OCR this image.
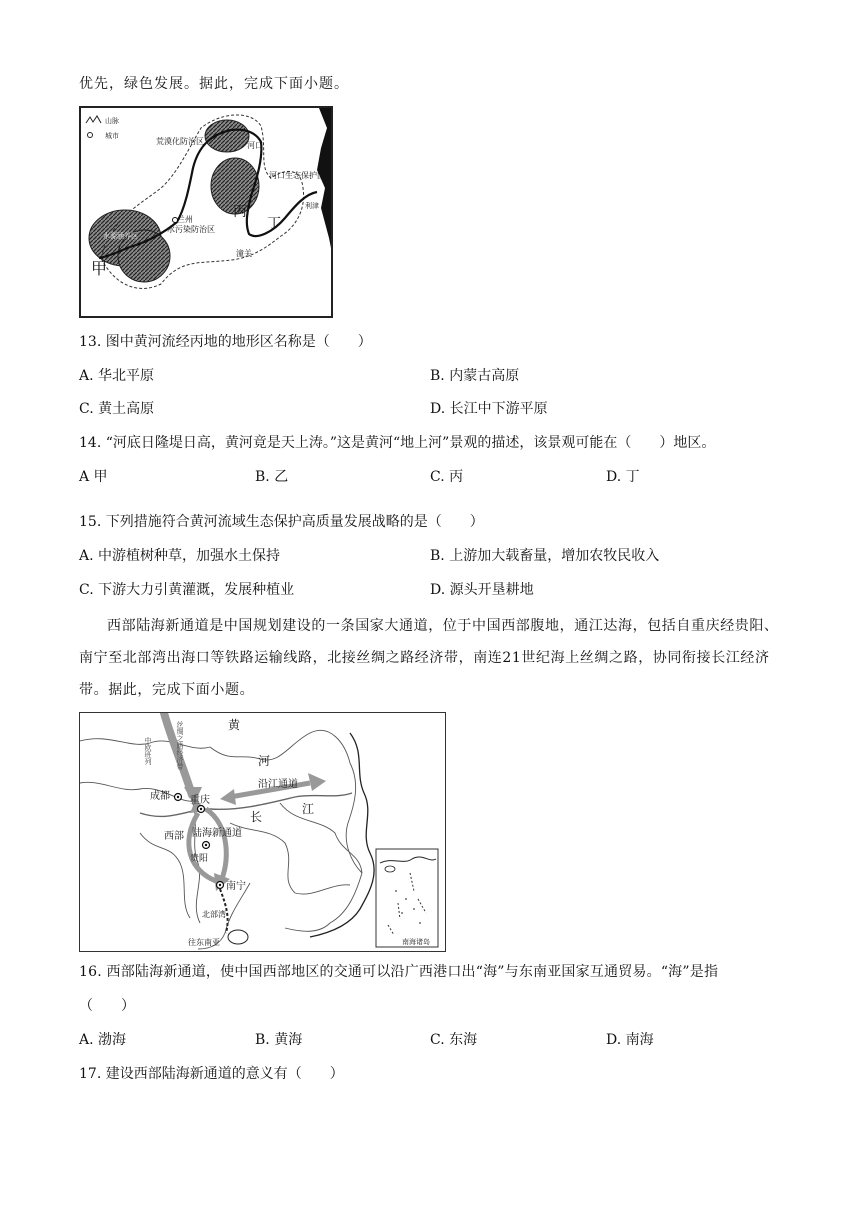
优先，绿色发展。据此，完成下面小题。
山脉
城市
荒漠化防治区	河口
河口生态保护区
利津
兰州
水污染防治区
潼关
水源涵养区
甲
丙
丁
13. 图中黄河流经丙地的地形区名称是（　　）
A. 华北平原	B. 内蒙古高原
C. 黄土高原	D. 长江中下游平原
14. “河底日隆堤日高，黄河竟是天上涛。”这是黄河“地上河”景观的描述，该景观可能在（　　）地区。
A 甲	B. 乙	C. 丙	D. 丁
15. 下列措施符合黄河流域生态保护高质量发展战略的是（　　）
A. 中游植树种草，加强水土保持	B. 上游加大载畜量，增加农牧民收入
C. 下游大力引黄灌溉，发展种植业	D. 源头开垦耕地
西部陆海新通道是中国规划建设的一条国家大通道，位于中国西部腹地，通江达海，包括自重庆经贵阳、南宁至北部湾出海口等铁路运输线路，北接丝绸之路经济带，南连21世纪海上丝绸之路，协同衔接长江经济带。据此，完成下面小题。
南海诸岛
黄
河
中欧班列	丝绸之路经济带
沿江通道
成都 重庆
长
江
西部 陆海新通道
贵阳
南宁
北部湾
往东南亚
16. 西部陆海新通道，使中国西部地区的交通可以沿广西港口出“海”与东南亚国家互通贸易。“海”是指
（　　）
A. 渤海	B. 黄海	C. 东海	D. 南海
17. 建设西部陆海新通道的意义有（　　）
